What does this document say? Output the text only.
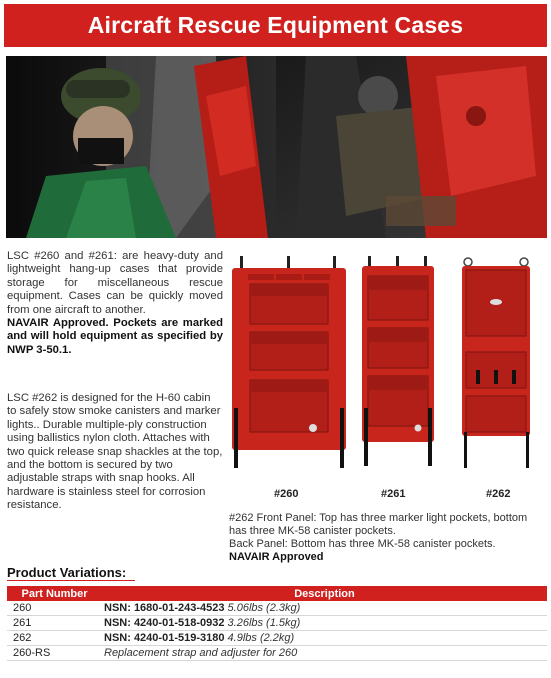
Aircraft Rescue Equipment Cases
LSC #260 and #261: are heavy-duty and lightweight hang-up cases that provide storage for miscellaneous rescue equipment. Cases can be quickly moved from one aircraft to another.
NAVAIR Approved. Pockets are marked and will hold equipment as specified by NWP 3-50.1.
LSC #262 is designed for the H-60 cabin to safely stow smoke canisters and marker lights.. Durable multiple-ply construction using ballistics nylon cloth. Attaches with two quick release snap shackles at the top, and the bottom is secured by two adjustable straps with snap hooks. All hardware is stainless steel for corrosion resistance.
#260	#261	#262
#262 Front Panel: Top has three marker light pockets, bottom has three MK-58 canister pockets.
Back Panel: Bottom has three MK-58 canister pockets.
NAVAIR Approved
Product Variations:
Part Number	Description
260	NSN: 1680-01-243-4523 5.06lbs (2.3kg)
261	NSN: 4240-01-518-0932 3.26lbs (1.5kg)
262	NSN: 4240-01-519-3180 4.9lbs (2.2kg)
260-RS	Replacement strap and adjuster for 260
